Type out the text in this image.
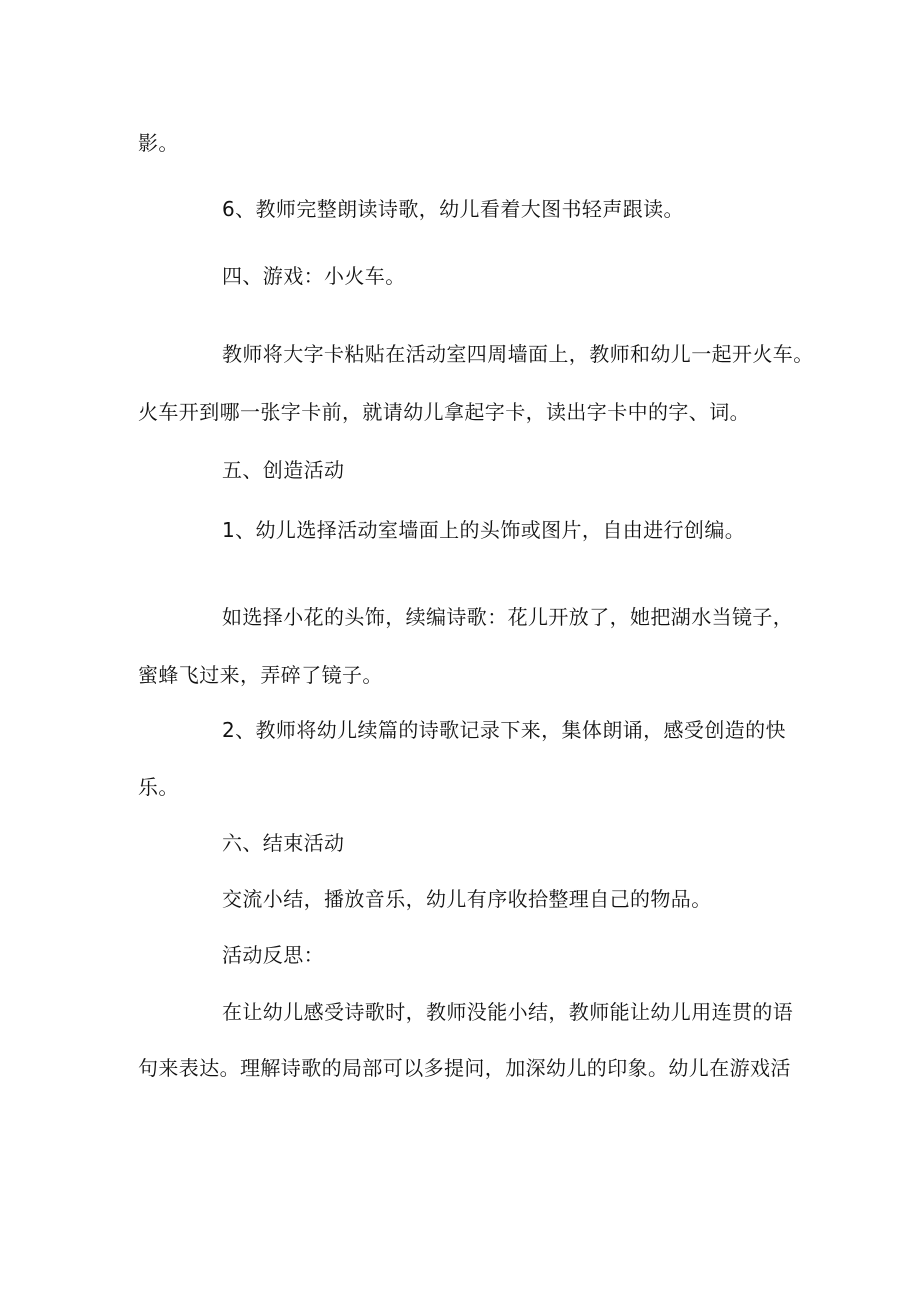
影。
6、教师完整朗读诗歌，幼儿看着大图书轻声跟读。
四、游戏：小火车。
教师将大字卡粘贴在活动室四周墙面上，教师和幼儿一起开火车。
火车开到哪一张字卡前，就请幼儿拿起字卡，读出字卡中的字、词。
五、创造活动
1、幼儿选择活动室墙面上的头饰或图片，自由进行创编。
如选择小花的头饰，续编诗歌：花儿开放了，她把湖水当镜子，
蜜蜂飞过来，弄碎了镜子。
2、教师将幼儿续篇的诗歌记录下来，集体朗诵，感受创造的快
乐。
六、结束活动
交流小结，播放音乐，幼儿有序收拾整理自己的物品。
活动反思：
在让幼儿感受诗歌时，教师没能小结，教师能让幼儿用连贯的语
句来表达。理解诗歌的局部可以多提问，加深幼儿的印象。幼儿在游戏活
